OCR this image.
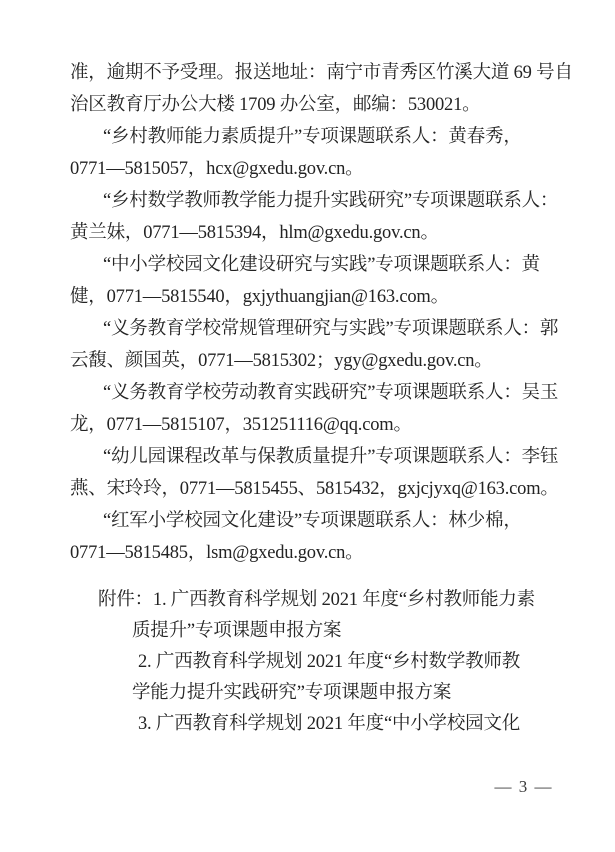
准，逾期不予受理。报送地址：南宁市青秀区竹溪大道 69 号自
治区教育厅办公大楼 1709 办公室，邮编：530021。
“乡村教师能力素质提升”专项课题联系人：黄春秀，
0771—5815057，hcx@gxedu.gov.cn。
“乡村数学教师教学能力提升实践研究”专项课题联系人：
黄兰妹，0771—5815394，hlm@gxedu.gov.cn。
“中小学校园文化建设研究与实践”专项课题联系人：黄
健，0771—5815540，gxjythuangjian@163.com。
“义务教育学校常规管理研究与实践”专项课题联系人：郭
云馥、颜国英，0771—5815302；ygy@gxedu.gov.cn。
“义务教育学校劳动教育实践研究”专项课题联系人：吴玉
龙，0771—5815107，351251116@qq.com。
“幼儿园课程改革与保教质量提升”专项课题联系人：李钰
燕、宋玲玲，0771—5815455、5815432，gxjcjyxq@163.com。
“红军小学校园文化建设”专项课题联系人：林少棉，
0771—5815485，lsm@gxedu.gov.cn。
附件：1. 广西教育科学规划 2021 年度“乡村教师能力素
质提升”专项课题申报方案
2. 广西教育科学规划 2021 年度“乡村数学教师教
学能力提升实践研究”专项课题申报方案
3. 广西教育科学规划 2021 年度“中小学校园文化
— 3 —
